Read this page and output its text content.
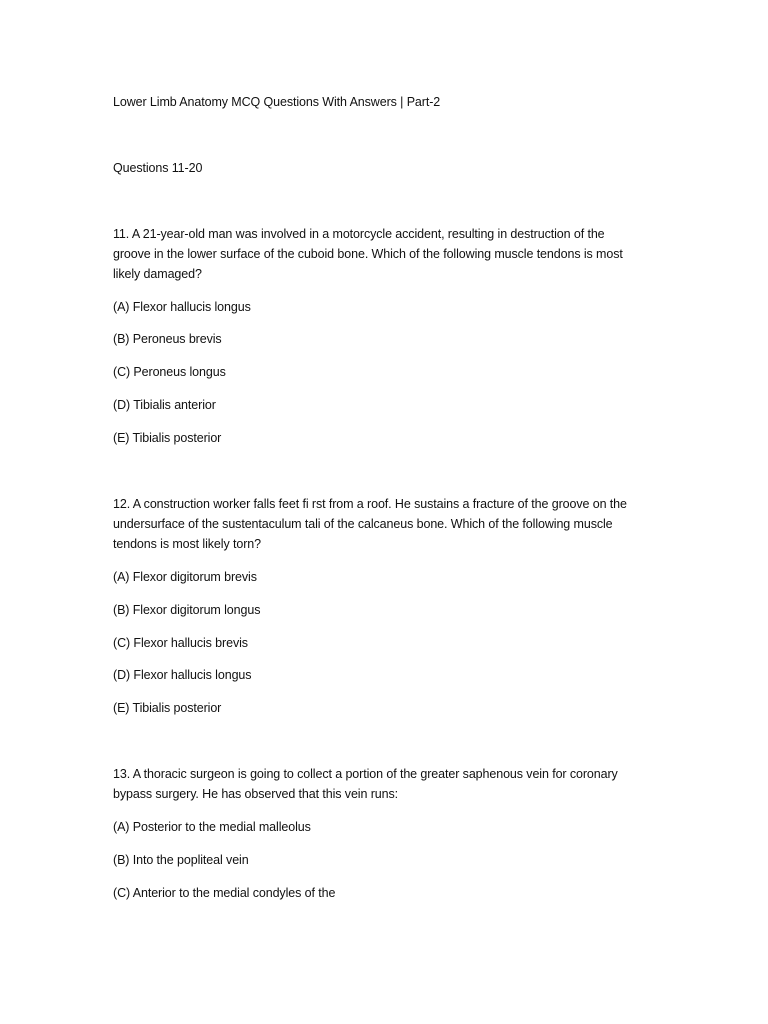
Lower Limb Anatomy MCQ Questions With Answers | Part-2
Questions 11-20
11. A 21-year-old man was involved in a motorcycle accident, resulting in destruction of the
groove in the lower surface of the cuboid bone. Which of the following muscle tendons is most
likely damaged?
(A) Flexor hallucis longus
(B) Peroneus brevis
(C) Peroneus longus
(D) Tibialis anterior
(E) Tibialis posterior
12. A construction worker falls feet fi rst from a roof. He sustains a fracture of the groove on the
undersurface of the sustentaculum tali of the calcaneus bone. Which of the following muscle
tendons is most likely torn?
(A) Flexor digitorum brevis
(B) Flexor digitorum longus
(C) Flexor hallucis brevis
(D) Flexor hallucis longus
(E) Tibialis posterior
13. A thoracic surgeon is going to collect a portion of the greater saphenous vein for coronary
bypass surgery. He has observed that this vein runs:
(A) Posterior to the medial malleolus
(B) Into the popliteal vein
(C) Anterior to the medial condyles of the
